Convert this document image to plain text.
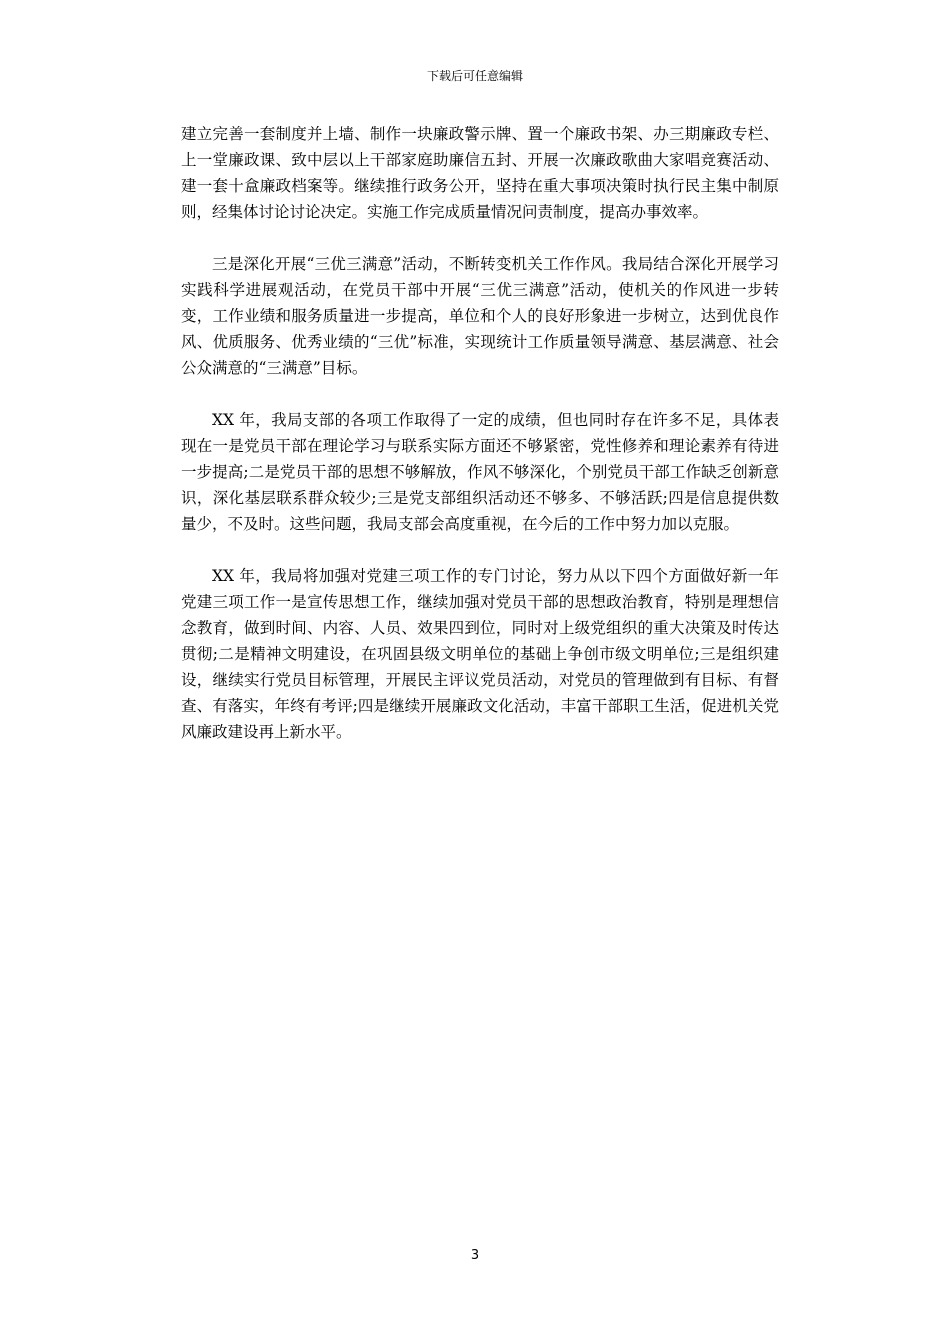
下载后可任意编辑

建立完善一套制度并上墙、制作一块廉政警示牌、置一个廉政书架、办三期廉政专栏、上一堂廉政课、致中层以上干部家庭助廉信五封、开展一次廉政歌曲大家唱竞赛活动、建一套十盒廉政档案等。继续推行政务公开，坚持在重大事项决策时执行民主集中制原则，经集体讨论讨论决定。实施工作完成质量情况问责制度，提高办事效率。

三是深化开展“三优三满意”活动，不断转变机关工作作风。我局结合深化开展学习实践科学进展观活动，在党员干部中开展“三优三满意”活动，使机关的作风进一步转变，工作业绩和服务质量进一步提高，单位和个人的良好形象进一步树立，达到优良作风、优质服务、优秀业绩的“三优”标准，实现统计工作质量领导满意、基层满意、社会公众满意的“三满意”目标。

XX 年，我局支部的各项工作取得了一定的成绩，但也同时存在许多不足，具体表现在一是党员干部在理论学习与联系实际方面还不够紧密，党性修养和理论素养有待进一步提高;二是党员干部的思想不够解放，作风不够深化，个别党员干部工作缺乏创新意识，深化基层联系群众较少;三是党支部组织活动还不够多、不够活跃;四是信息提供数量少，不及时。这些问题，我局支部会高度重视，在今后的工作中努力加以克服。

XX 年，我局将加强对党建三项工作的专门讨论，努力从以下四个方面做好新一年党建三项工作一是宣传思想工作，继续加强对党员干部的思想政治教育，特别是理想信念教育，做到时间、内容、人员、效果四到位，同时对上级党组织的重大决策及时传达贯彻;二是精神文明建设，在巩固县级文明单位的基础上争创市级文明单位;三是组织建设，继续实行党员目标管理，开展民主评议党员活动，对党员的管理做到有目标、有督查、有落实，年终有考评;四是继续开展廉政文化活动，丰富干部职工生活，促进机关党风廉政建设再上新水平。

3
